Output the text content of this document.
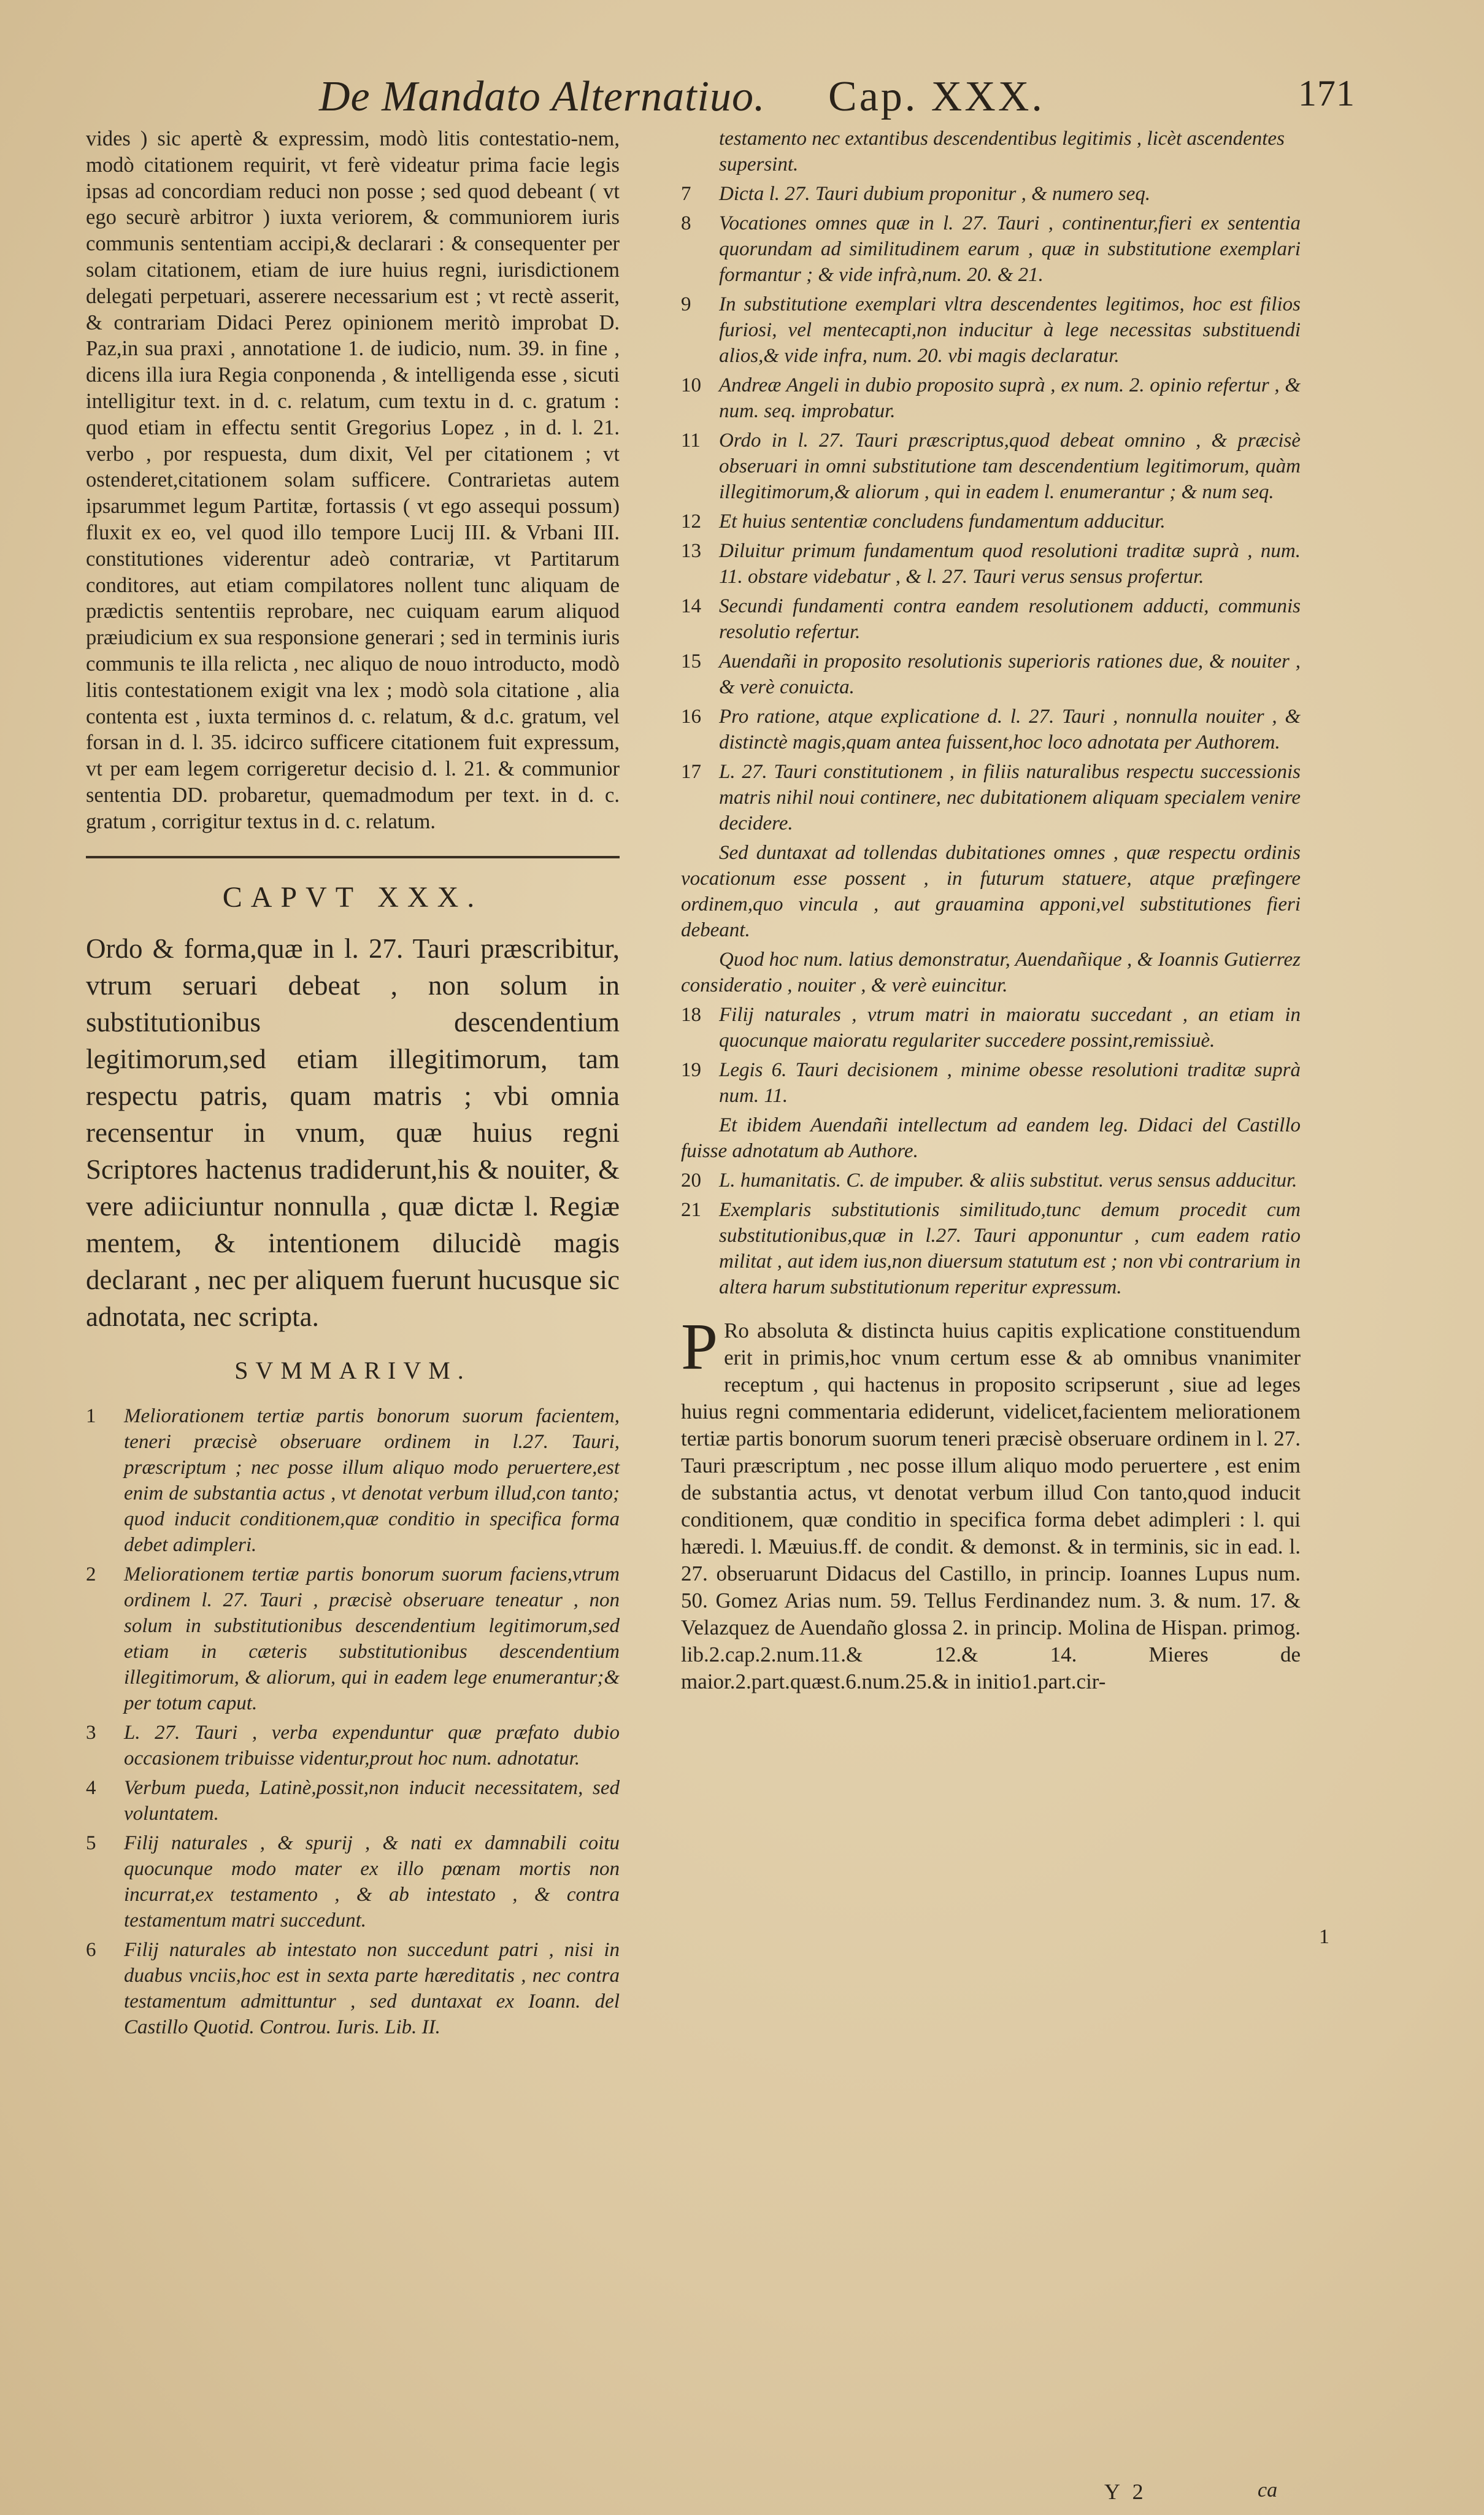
De Mandato Alternatiuo. Cap. XXX.	171

vides ) sic apertè & expressim, modò litis contestatio-nem, modò citationem requirit, vt ferè videatur prima facie legis ipsas ad concordiam reduci non posse ; sed quod debeant ( vt ego securè arbitror ) iuxta veriorem, & communiorem iuris communis sententiam accipi,& declarari : & consequenter per solam citationem, etiam de iure huius regni, iurisdictionem delegati perpetuari, asserere necessarium est ; vt rectè asserit, & contrariam Didaci Perez opinionem meritò improbat D. Paz,in sua praxi , annotatione 1. de iudicio, num. 39. in fine , dicens illa iura Regia conponenda , & intelligenda esse , sicuti intelligitur text. in d. c. relatum, cum textu in d. c. gratum : quod etiam in effectu sentit Gregorius Lopez , in d. l. 21. verbo , por respuesta, dum dixit, Vel per citationem ; vt ostenderet,citationem solam sufficere. Contrarietas autem ipsarummet legum Partitæ, fortassis ( vt ego assequi possum) fluxit ex eo, vel quod illo tempore Lucij III. & Vrbani III. constitutiones viderentur adeò contrariæ, vt Partitarum conditores, aut etiam compilatores nollent tunc aliquam de prædictis sententiis reprobare, nec cuiquam earum aliquod præiudicium ex sua responsione generari ; sed in terminis iuris communis te illa relicta , nec aliquo de nouo introducto, modò litis contestationem exigit vna lex ; modò sola citatione , alia contenta est , iuxta terminos d. c. relatum, & d.c. gratum, vel forsan in d. l. 35. idcirco sufficere citationem fuit expressum, vt per eam legem corrigeretur decisio d. l. 21. & communior sententia DD. probaretur, quemadmodum per text. in d. c. gratum , corrigitur textus in d. c. relatum.

CAPVT XXX.

Ordo & forma,quæ in l. 27. Tauri præscribitur, vtrum seruari debeat , non solum in substitutionibus descendentium legitimorum,sed etiam illegitimorum, tam respectu patris, quam matris ; vbi omnia recensentur in vnum, quæ huius regni Scriptores hactenus tradiderunt,his & nouiter, & vere adiiciuntur nonnulla , quæ dictæ l. Regiæ mentem, & intentionem dilucidè magis declarant , nec per aliquem fuerunt hucusque sic adnotata, nec scripta.

SVMMARIVM.
1	Meliorationem tertiæ partis bonorum suorum facientem, teneri præcisè obseruare ordinem in l.27. Tauri, præscriptum ; nec posse illum aliquo modo peruertere,est enim de substantia actus , vt denotat verbum illud,con tanto; quod inducit conditionem,quæ conditio in specifica forma debet adimpleri.
2	Meliorationem tertiæ partis bonorum suorum faciens,vtrum ordinem l. 27. Tauri , præcisè obseruare teneatur , non solum in substitutionibus descendentium legitimorum,sed etiam in cæteris substitutionibus descendentium illegitimorum, & aliorum, qui in eadem lege enumerantur;& per totum caput.
3	L. 27. Tauri , verba expenduntur quæ præfato dubio occasionem tribuisse videntur,prout hoc num. adnotatur.
4	Verbum pueda, Latinè,possit,non inducit necessitatem, sed voluntatem.
5	Filij naturales , & spurij , & nati ex damnabili coitu quocunque modo mater ex illo pœnam mortis non incurrat,ex testamento , & ab intestato , & contra testamentum matri succedunt.
6	Filij naturales ab intestato non succedunt patri , nisi in duabus vnciis,hoc est in sexta parte hæreditatis , nec contra testamentum admittuntur , sed duntaxat ex Ioann. del Castillo Quotid. Controu. Iuris. Lib. II.
testamento nec extantibus descendentibus legitimis , licèt ascendentes supersint.
7	Dicta l. 27. Tauri dubium proponitur , & numero seq.
8	Vocationes omnes quæ in l. 27. Tauri , continentur,fieri ex sententia quorundam ad similitudinem earum , quæ in substitutione exemplari formantur ; & vide infrà,num. 20. & 21.
9	In substitutione exemplari vltra descendentes legitimos, hoc est filios furiosi, vel mentecapti,non inducitur à lege necessitas substituendi alios,& vide infra, num. 20. vbi magis declaratur.
10 Andreæ Angeli in dubio proposito suprà , ex num. 2. opinio refertur , & num. seq. improbatur.
11 Ordo in l. 27. Tauri præscriptus,quod debeat omnino , & præcisè obseruari in omni substitutione tam descendentium legitimorum, quàm illegitimorum,& aliorum , qui in eadem l. enumerantur ; & num seq.
12 Et huius sententiæ concludens fundamentum adducitur.
13 Diluitur primum fundamentum quod resolutioni traditæ suprà , num. 11. obstare videbatur , & l. 27. Tauri verus sensus profertur.
14 Secundi fundamenti contra eandem resolutionem adducti, communis resolutio refertur.
15 Auendañi in proposito resolutionis superioris rationes due, & nouiter , & verè conuicta.
16 Pro ratione, atque explicatione d. l. 27. Tauri , nonnulla nouiter , & distinctè magis,quam antea fuissent,hoc loco adnotata per Authorem.
17 L. 27. Tauri constitutionem , in filiis naturalibus respectu successionis matris nihil noui continere, nec dubitationem aliquam specialem venire decidere.

Sed duntaxat ad tollendas dubitationes omnes , quæ respectu ordinis vocationum esse possent , in futurum statuere, atque præfingere ordinem,quo vincula , aut grauamina apponi,vel substitutiones fieri debeant.

Quod hoc num. latius demonstratur, Auendañique , & Ioannis Gutierrez consideratio , nouiter , & verè euincitur.

18 Filij naturales , vtrum matri in maioratu succedant , an etiam in quocunque maioratu regulariter succedere possint,remissiuè.
19 Legis 6. Tauri decisionem , minime obesse resolutioni traditæ suprà num. 11.

Et ibidem Auendañi intellectum ad eandem leg. Didaci del Castillo fuisse adnotatum ab Authore.

20 L. humanitatis. C. de impuber. & aliis substitut. verus sensus adducitur.
21 Exemplaris substitutionis similitudo,tunc demum procedit cum substitutionibus,quæ in l.27. Tauri apponuntur , cum eadem ratio militat , aut idem ius,non diuersum statutum est ; non vbi contrarium in altera harum substitutionum reperitur expressum.

P Ro absoluta & distincta huius capitis explicatione constituendum erit in primis,hoc vnum certum esse & ab omnibus vnanimiter receptum , qui hactenus in proposito scripserunt , siue ad leges huius regni commentaria ediderunt, videlicet,facientem meliorationem tertiæ partis bonorum suorum teneri præcisè obseruare ordinem in l. 27. Tauri præscriptum , nec posse illum aliquo modo peruertere , est enim de substantia actus, vt denotat verbum illud Con tanto,quod inducit conditionem, quæ conditio in specifica forma debet adimpleri : l. qui hæredi. l. Mæuius.ff. de condit. & demonst. & in terminis, sic in ead. l. 27. obseruarunt Didacus del Castillo, in princip. Ioannes Lupus num. 50. Gomez Arias num. 59. Tellus Ferdinandez num. 3. & num. 17. & Velazquez de Auendaño glossa 2. in princip. Molina de Hispan. primog. lib.2.cap.2.num.11.& 12.& 14. Mieres de maior.2.part.quæst.6.num.25.& in initio1.part.cir-

1
Y 2	ca
